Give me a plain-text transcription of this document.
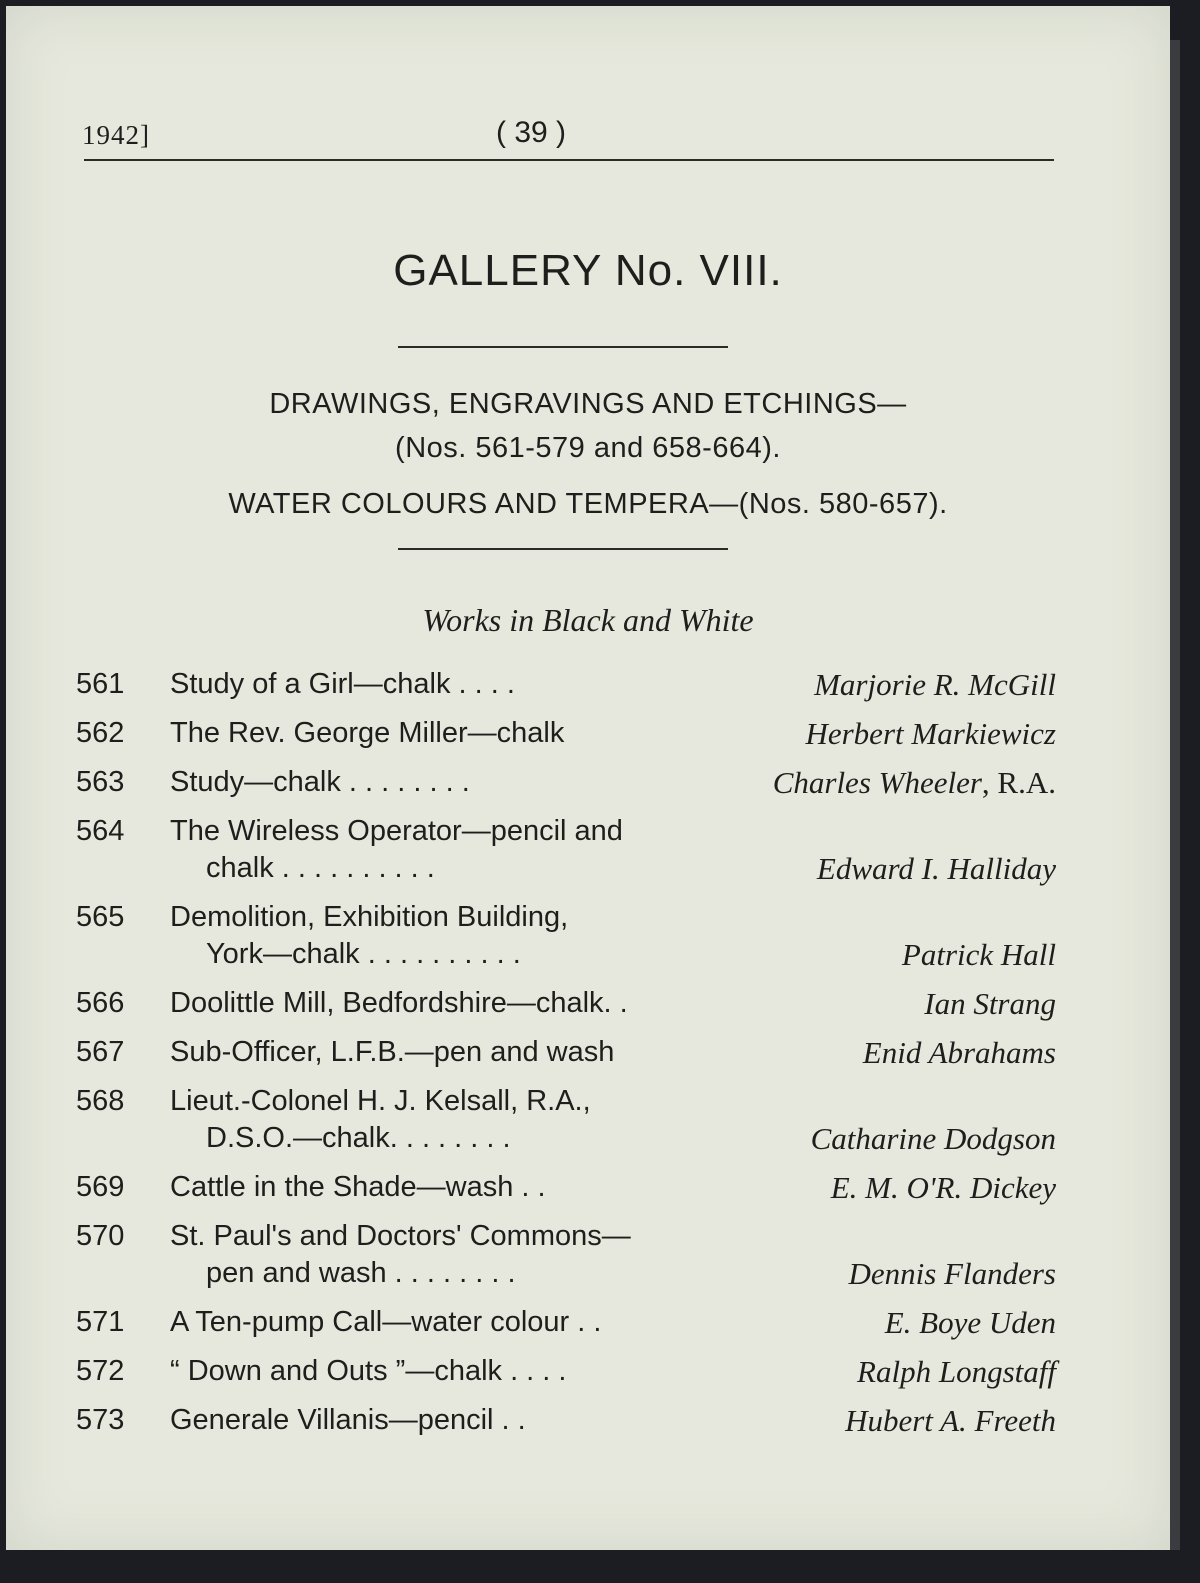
1942]	( 39 )
GALLERY No. VIII.
DRAWINGS, ENGRAVINGS AND ETCHINGS—
(Nos. 561-579 and 658-664).
WATER COLOURS AND TEMPERA—(Nos. 580-657).
Works in Black and White
561 Study of a Girl—chalk . . . .	Marjorie R. McGill
562 The Rev. George Miller—chalk	Herbert Markiewicz
563 Study—chalk . . . . . . . .	Charles Wheeler, R.A.
564 The Wireless Operator—pencil and
chalk . . . . . . . . . .	Edward I. Halliday
565 Demolition, Exhibition Building,
York—chalk . . . . . . . . . .	Patrick Hall
566 Doolittle Mill, Bedfordshire—chalk. .	Ian Strang
567 Sub-Officer, L.F.B.—pen and wash	Enid Abrahams
568 Lieut.-Colonel H. J. Kelsall, R.A.,
D.S.O.—chalk. . . . . . . .	Catharine Dodgson
569 Cattle in the Shade—wash . .	E. M. O'R. Dickey
570 St. Paul's and Doctors' Commons—
pen and wash . . . . . . . .	Dennis Flanders
571 A Ten-pump Call—water colour . .	E. Boye Uden
572 “ Down and Outs ”—chalk . . . .	Ralph Longstaff
573 Generale Villanis—pencil . .	Hubert A. Freeth
